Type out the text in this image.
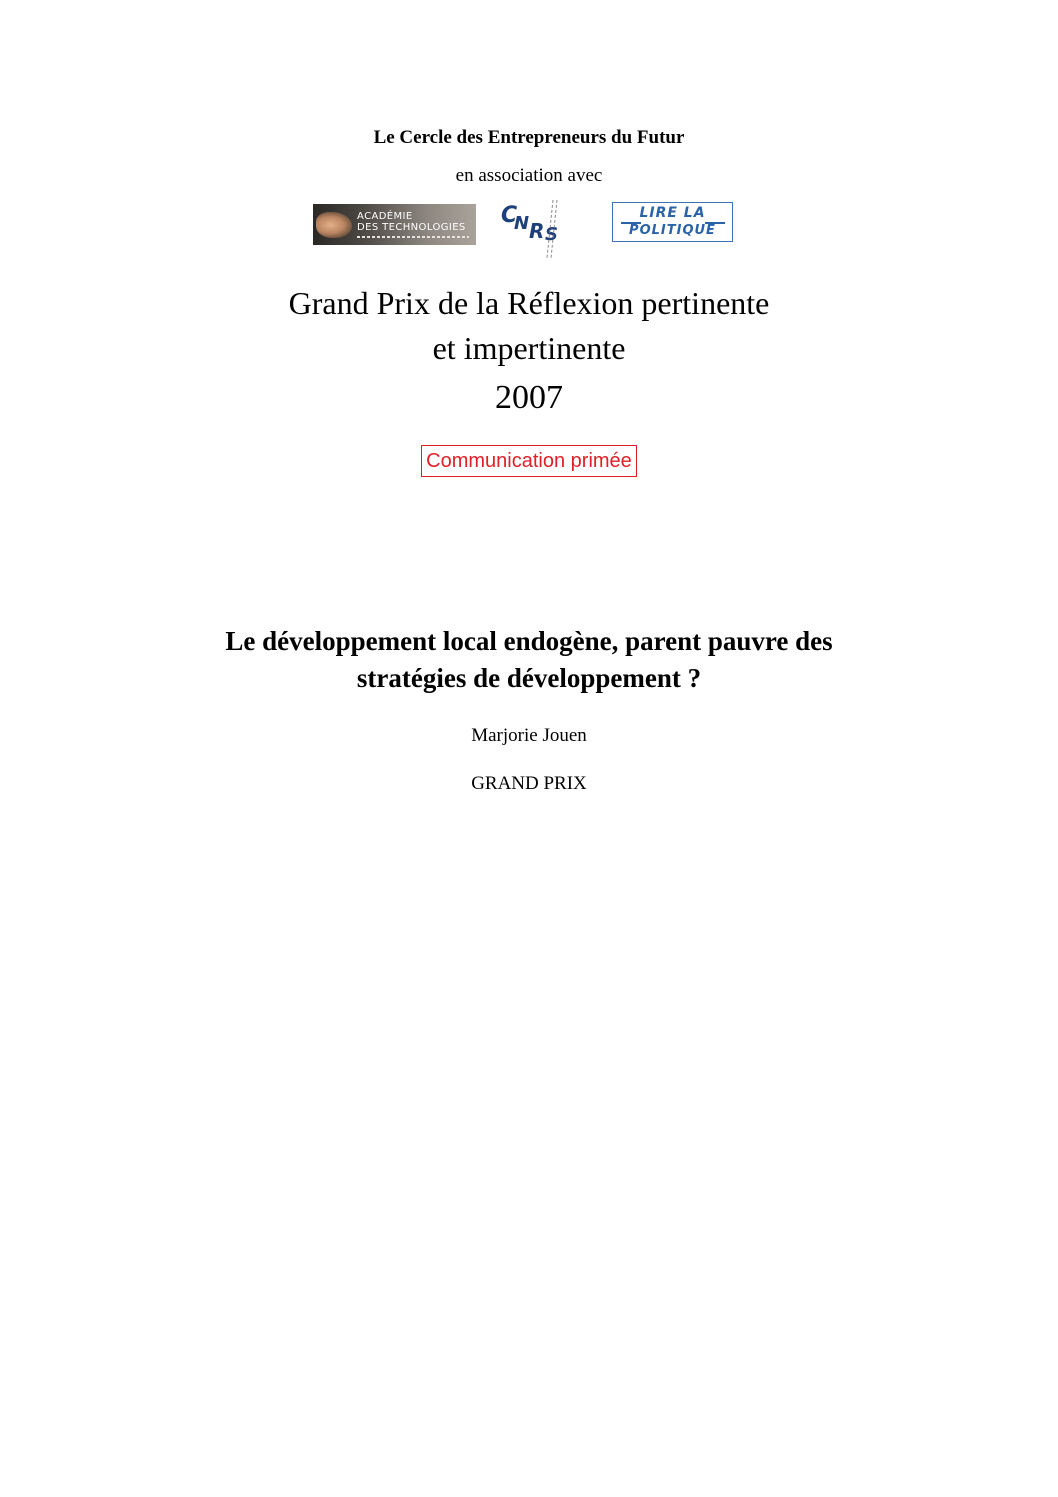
Le Cercle des Entrepreneurs du Futur
en association avec
ACADÉMIE
DES TECHNOLOGIES C
N R S
LIRE LA
POLITIQUE
Grand Prix de la Réflexion pertinente
et impertinente
2007
Communication primée
Le développement local endogène, parent pauvre des
stratégies de développement ?
Marjorie Jouen
GRAND PRIX
